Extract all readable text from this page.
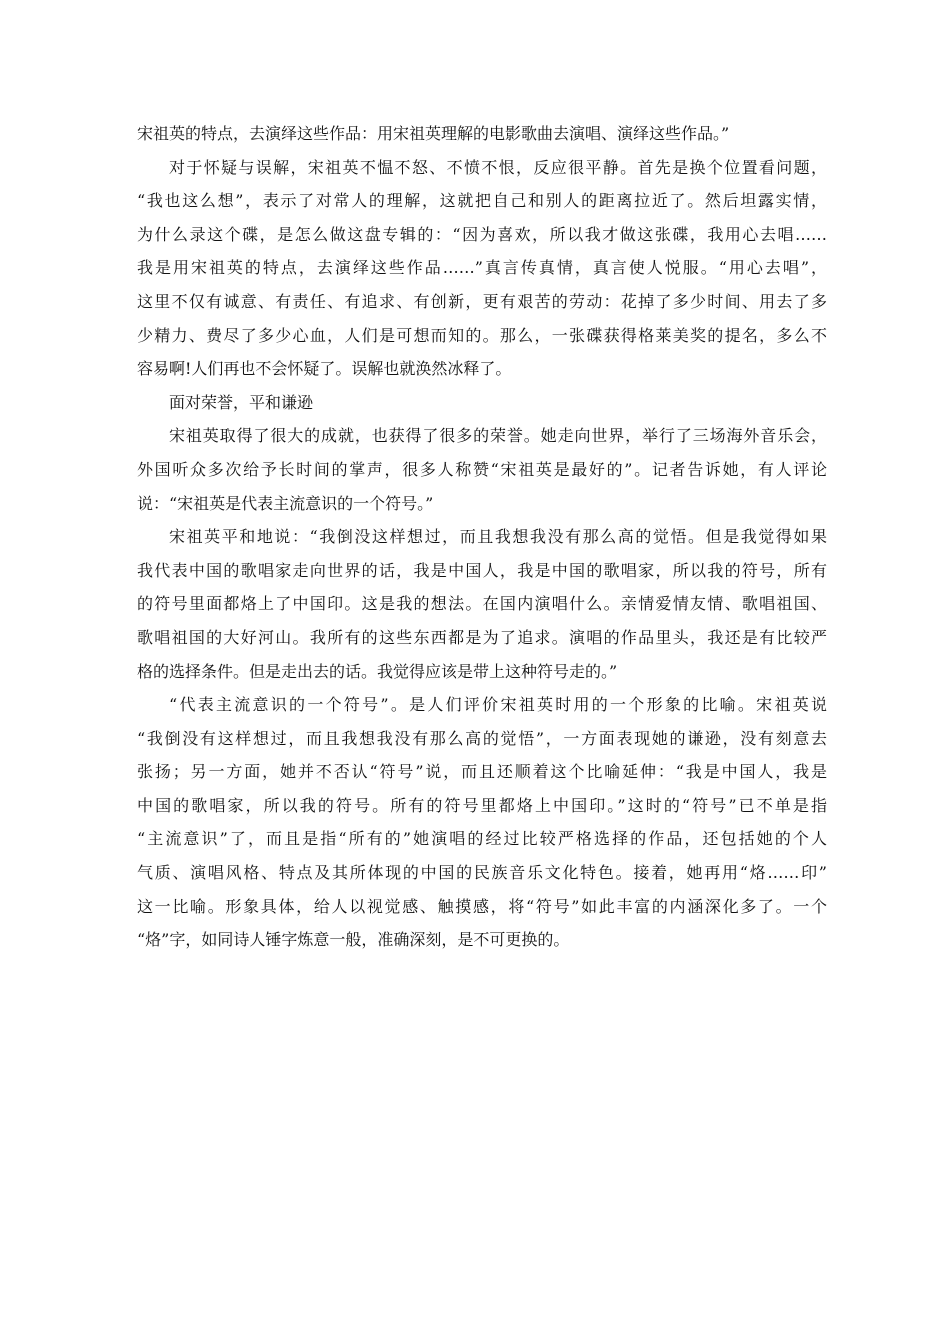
宋祖英的特点，去演绎这些作品：用宋祖英理解的电影歌曲去演唱、演绎这些作品。”
对于怀疑与误解，宋祖英不愠不怒、不愤不恨，反应很平静。首先是换个位置看问题，
“我也这么想”，表示了对常人的理解，这就把自己和别人的距离拉近了。然后坦露实情，
为什么录这个碟，是怎么做这盘专辑的：“因为喜欢，所以我才做这张碟，我用心去唱……
我是用宋祖英的特点，去演绎这些作品……”真言传真情，真言使人悦服。“用心去唱”，
这里不仅有诚意、有责任、有追求、有创新，更有艰苦的劳动：花掉了多少时间、用去了多
少精力、费尽了多少心血，人们是可想而知的。那么，一张碟获得格莱美奖的提名，多么不
容易啊!人们再也不会怀疑了。误解也就涣然冰释了。
面对荣誉，平和谦逊
宋祖英取得了很大的成就，也获得了很多的荣誉。她走向世界，举行了三场海外音乐会，
外国听众多次给予长时间的掌声，很多人称赞“宋祖英是最好的”。记者告诉她，有人评论
说：“宋祖英是代表主流意识的一个符号。”
宋祖英平和地说：“我倒没这样想过，而且我想我没有那么高的觉悟。但是我觉得如果
我代表中国的歌唱家走向世界的话，我是中国人，我是中国的歌唱家，所以我的符号，所有
的符号里面都烙上了中国印。这是我的想法。在国内演唱什么。亲情爱情友情、歌唱祖国、
歌唱祖国的大好河山。我所有的这些东西都是为了追求。演唱的作品里头，我还是有比较严
格的选择条件。但是走出去的话。我觉得应该是带上这种符号走的。”
“代表主流意识的一个符号”。是人们评价宋祖英时用的一个形象的比喻。宋祖英说
“我倒没有这样想过，而且我想我没有那么高的觉悟”，一方面表现她的谦逊，没有刻意去
张扬；另一方面，她并不否认“符号”说，而且还顺着这个比喻延伸：“我是中国人，我是
中国的歌唱家，所以我的符号。所有的符号里都烙上中国印。”这时的“符号”已不单是指
“主流意识”了，而且是指“所有的”她演唱的经过比较严格选择的作品，还包括她的个人
气质、演唱风格、特点及其所体现的中国的民族音乐文化特色。接着，她再用“烙……印”
这一比喻。形象具体，给人以视觉感、触摸感，将“符号”如此丰富的内涵深化多了。一个
“烙”字，如同诗人锤字炼意一般，准确深刻，是不可更换的。
